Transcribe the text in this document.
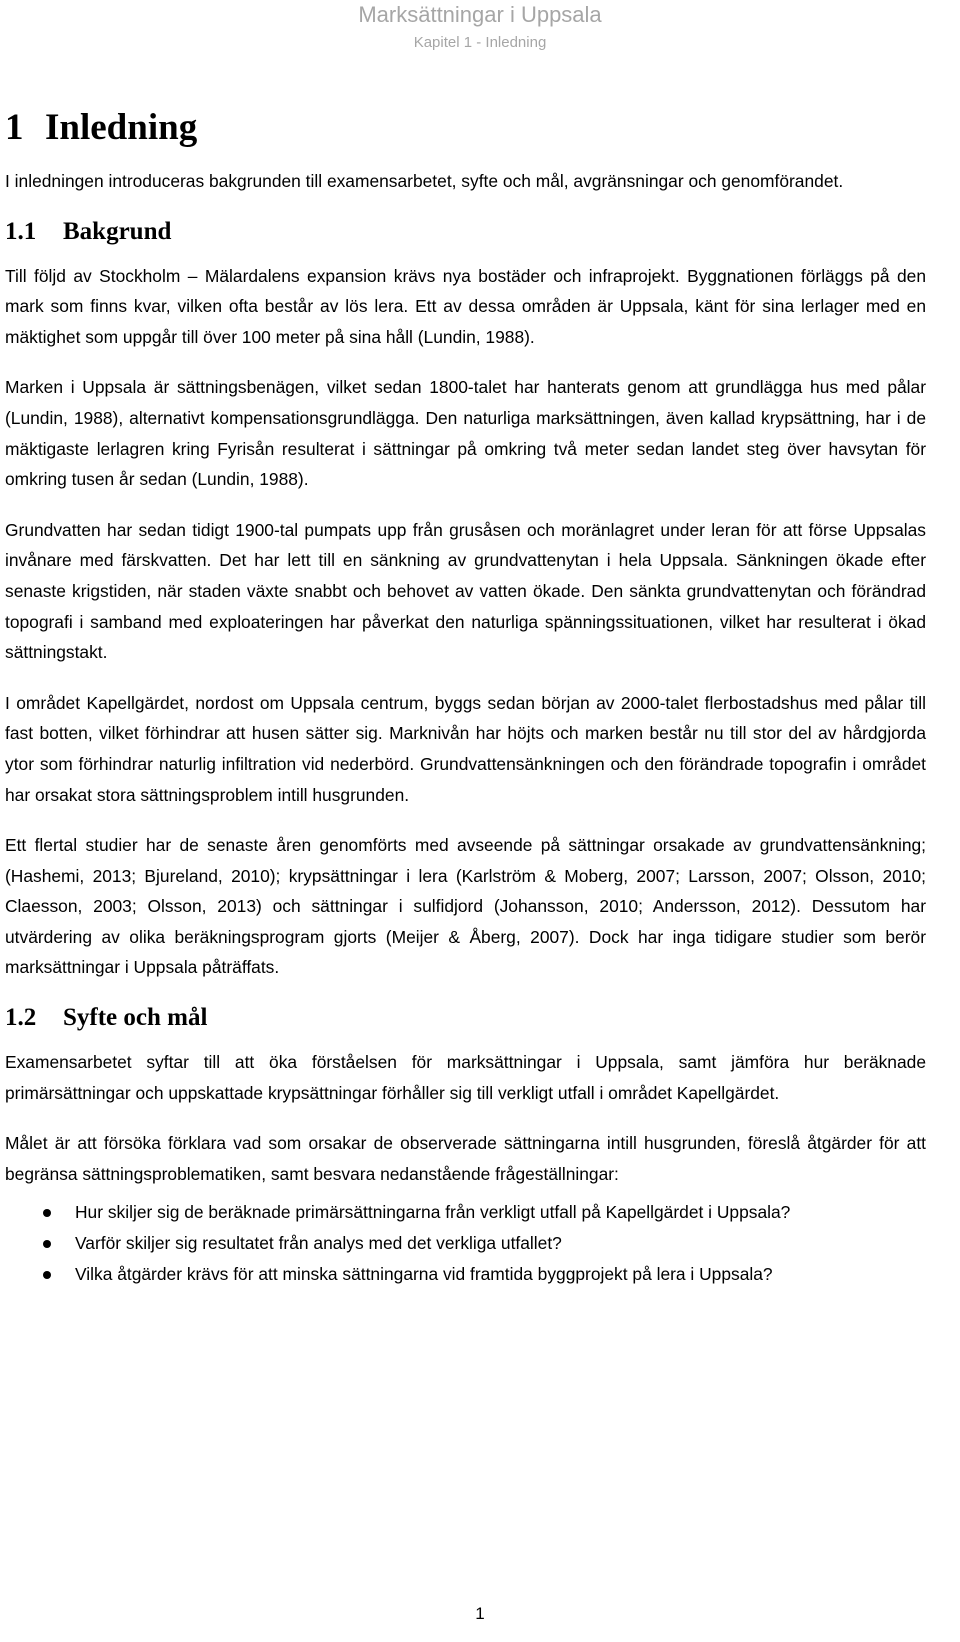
Marksättningar i Uppsala
Kapitel 1 - Inledning
1 Inledning

I inledningen introduceras bakgrunden till examensarbetet, syfte och mål, avgränsningar och genomförandet.

1.1 Bakgrund

Till följd av Stockholm – Mälardalens expansion krävs nya bostäder och infraprojekt. Byggnationen förläggs på den mark som finns kvar, vilken ofta består av lös lera. Ett av dessa områden är Uppsala, känt för sina lerlager med en mäktighet som uppgår till över 100 meter på sina håll (Lundin, 1988).

Marken i Uppsala är sättningsbenägen, vilket sedan 1800-talet har hanterats genom att grundlägga hus med pålar (Lundin, 1988), alternativt kompensationsgrundlägga. Den naturliga marksättningen, även kallad krypsättning, har i de mäktigaste lerlagren kring Fyrisån resulterat i sättningar på omkring två meter sedan landet steg över havsytan för omkring tusen år sedan (Lundin, 1988).

Grundvatten har sedan tidigt 1900-tal pumpats upp från grusåsen och moränlagret under leran för att förse Uppsalas invånare med färskvatten. Det har lett till en sänkning av grundvattenytan i hela Uppsala. Sänkningen ökade efter senaste krigstiden, när staden växte snabbt och behovet av vatten ökade. Den sänkta grundvattenytan och förändrad topografi i samband med exploateringen har påverkat den naturliga spänningssituationen, vilket har resulterat i ökad sättningstakt.

I området Kapellgärdet, nordost om Uppsala centrum, byggs sedan början av 2000-talet flerbostadshus med pålar till fast botten, vilket förhindrar att husen sätter sig. Marknivån har höjts och marken består nu till stor del av hårdgjorda ytor som förhindrar naturlig infiltration vid nederbörd. Grundvattensänkningen och den förändrade topografin i området har orsakat stora sättningsproblem intill husgrunden.

Ett flertal studier har de senaste åren genomförts med avseende på sättningar orsakade av grundvattensänkning; (Hashemi, 2013; Bjureland, 2010); krypsättningar i lera (Karlström & Moberg, 2007; Larsson, 2007; Olsson, 2010; Claesson, 2003; Olsson, 2013) och sättningar i sulfidjord (Johansson, 2010; Andersson, 2012). Dessutom har utvärdering av olika beräkningsprogram gjorts (Meijer & Åberg, 2007). Dock har inga tidigare studier som berör marksättningar i Uppsala påträffats.

1.2 Syfte och mål

Examensarbetet syftar till att öka förståelsen för marksättningar i Uppsala, samt jämföra hur beräknade primärsättningar och uppskattade krypsättningar förhåller sig till verkligt utfall i området Kapellgärdet.

Målet är att försöka förklara vad som orsakar de observerade sättningarna intill husgrunden, föreslå åtgärder för att begränsa sättningsproblematiken, samt besvara nedanstående frågeställningar:

Hur skiljer sig de beräknade primärsättningarna från verkligt utfall på Kapellgärdet i Uppsala?
Varför skiljer sig resultatet från analys med det verkliga utfallet?
Vilka åtgärder krävs för att minska sättningarna vid framtida byggprojekt på lera i Uppsala?
1
